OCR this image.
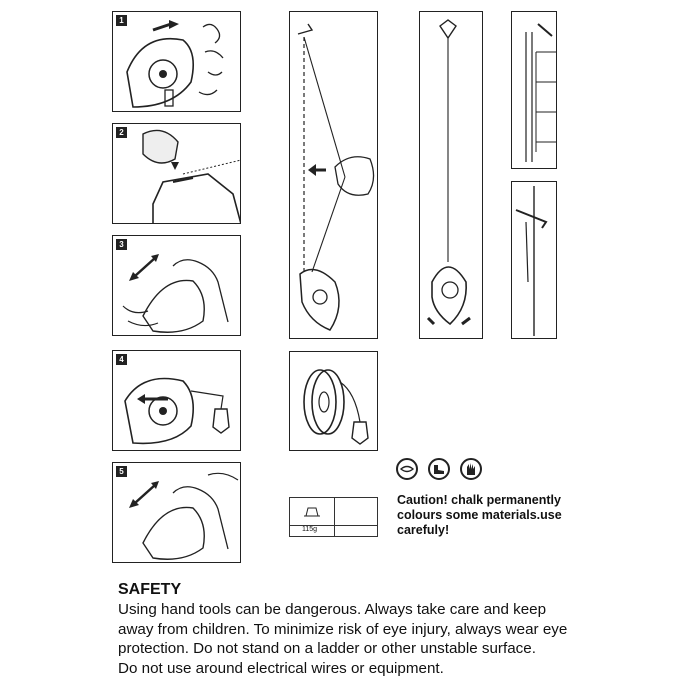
1
2
3
4
5
115g
Caution! chalk permanently colours some materials.use carefuly!
SAFETY
Using hand tools can be dangerous. Always take care and keep
away from children. To minimize risk of eye injury, always wear eye
protection. Do not stand on a ladder or other unstable surface.
Do not use around electrical wires or equipment.
